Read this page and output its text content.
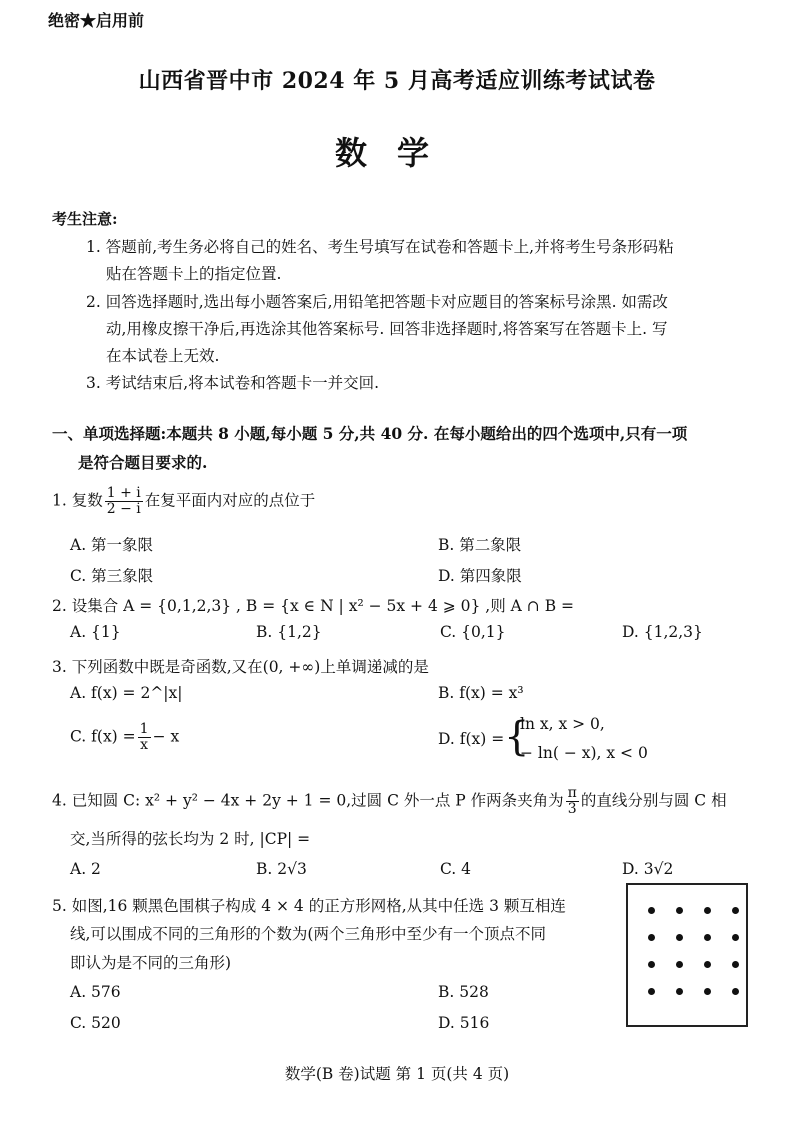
绝密★启用前
山西省晋中市 2024 年 5 月高考适应训练考试试卷
数学
考生注意:
1. 答题前,考生务必将自己的姓名、考生号填写在试卷和答题卡上,并将考生号条形码粘
贴在答题卡上的指定位置.
2. 回答选择题时,选出每小题答案后,用铅笔把答题卡对应题目的答案标号涂黑. 如需改
动,用橡皮擦干净后,再选涂其他答案标号. 回答非选择题时,将答案写在答题卡上. 写
在本试卷上无效.
3. 考试结束后,将本试卷和答题卡一并交回.
一、单项选择题:本题共 8 小题,每小题 5 分,共 40 分. 在每小题给出的四个选项中,只有一项
是符合题目要求的.
1. 复数 $\frac{1 + i}{2 - i}$ 在复平面内对应的点位于
A. 第一象限	B. 第二象限
C. 第三象限	D. 第四象限
2. 设集合 A = {0,1,2,3} , B = {x ∈ N | x² − 5x + 4 ⩾ 0} ,则 A ∩ B =
A. {1}	B. {1,2}	C. {0,1}	D. {1,2,3}
3. 下列函数中既是奇函数,又在(0, +∞)上单调递减的是
A. f(x) = 2^|x|	B. f(x) = x³
C. $f(x) = \frac{1}{x} - x$	D. f(x) = {
ln x, x > 0,
− ln( − x), x < 0
4. 已知圆 C: x² + y² − 4x + 2y + 1 = 0,过圆 C 外一点 P 作两条夹角为 $\frac{\pi}{3}$ 的直线分别与圆 C 相
交,当所得的弦长均为 2 时, |CP| =
A. 2	B. 2√3	C. 4	D. 3√2
5. 如图,16 颗黑色围棋子构成 4 × 4 的正方形网格,从其中任选 3 颗互相连
线,可以围成不同的三角形的个数为(两个三角形中至少有一个顶点不同
即认为是不同的三角形)
A. 576	B. 528
C. 520	D. 516
数学(B 卷)试题 第 1 页(共 4 页)
